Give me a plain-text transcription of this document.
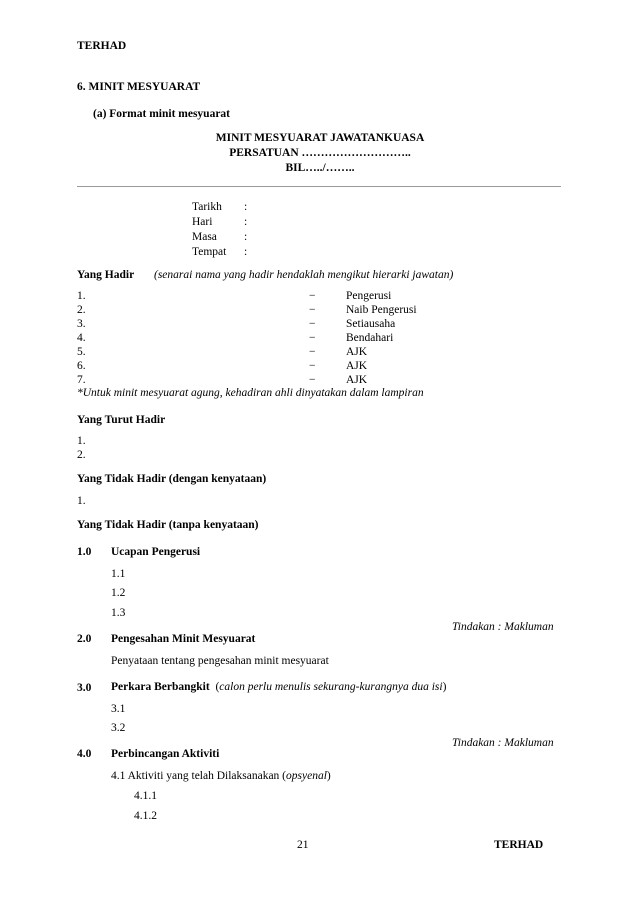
TERHAD
6. MINIT MESYUARAT
(a) Format minit mesyuarat
MINIT MESYUARAT JAWATANKUASA
PERSATUAN ………………………..
BIL…../……..
Tarikh :
Hari	:
Masa :
Tempat :
Yang Hadir (senarai nama yang hadir hendaklah mengikut hierarki jawatan)
1.	−	Pengerusi
2.	−	Naib Pengerusi
3.	−	Setiausaha
4.	−	Bendahari
5.	−	AJK
6.	−	AJK
7.	−	AJK
*Untuk minit mesyuarat agung, kehadiran ahli dinyatakan dalam lampiran
Yang Turut Hadir
1.
2.
Yang Tidak Hadir (dengan kenyataan)
1.
Yang Tidak Hadir (tanpa kenyataan)
1.0 Ucapan Pengerusi
1.1
1.2
1.3
Tindakan : Makluman
2.0 Pengesahan Minit Mesyuarat
Penyataan tentang pengesahan minit mesyuarat
3.0 Perkara Berbangkit (calon perlu menulis sekurang-kurangnya dua isi)
3.1
3.2
Tindakan : Makluman
4.0 Perbincangan Aktiviti
4.1 Aktiviti yang telah Dilaksanakan (opsyenal)
4.1.1
4.1.2
21	TERHAD
